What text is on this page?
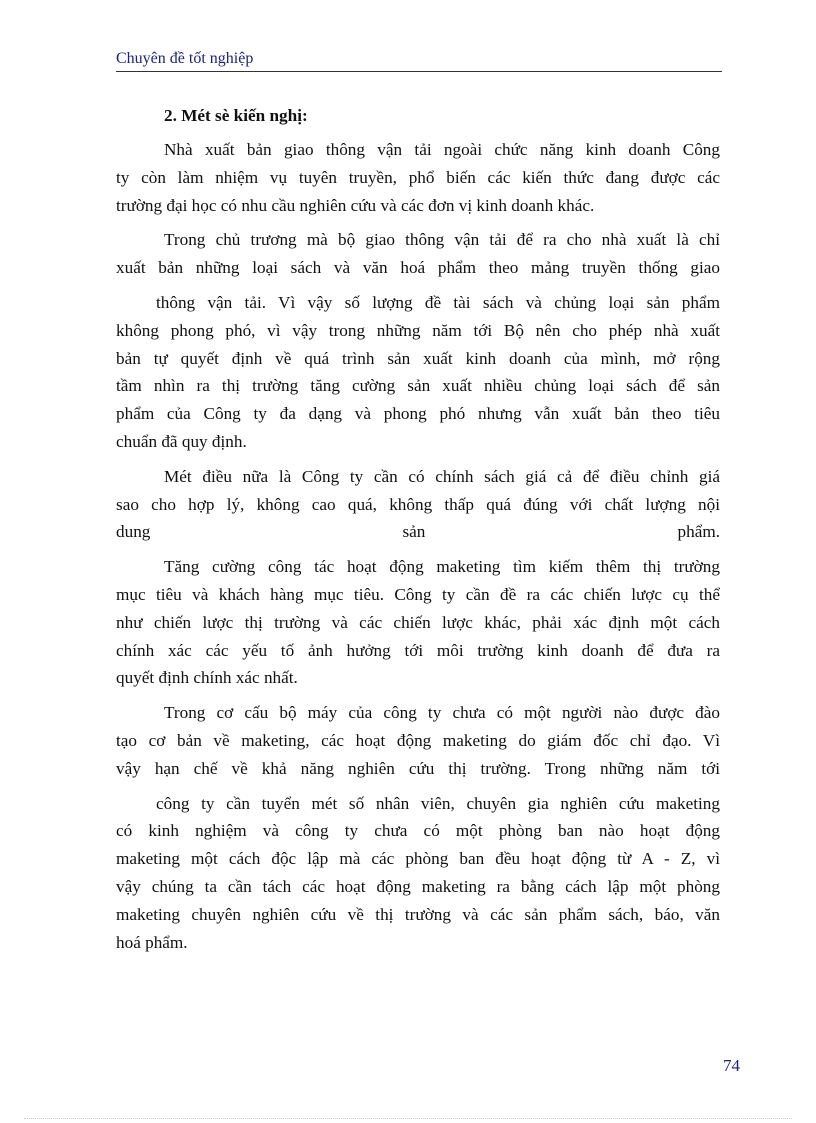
Chuyên đề tốt nghiệp
2. Mét sè kiến nghị:
Nhà xuất bản giao thông vận tải ngoài chức năng kinh doanh Công
ty còn làm nhiệm vụ tuyên truyền, phổ biến các kiến thức đang được các
trường đại học có nhu cầu nghiên cứu và các đơn vị kinh doanh khác.
Trong chủ trương mà bộ giao thông vận tải để ra cho nhà xuất là chỉ
xuất bản những loại sách và văn hoá phẩm theo mảng truyền thống giao
thông vận tải. Vì vậy số lượng đề tài sách và chủng loại sản phẩm
không phong phó, vì vậy trong những năm tới Bộ nên cho phép nhà xuất
bản tự quyết định về quá trình sản xuất kinh doanh của mình, mở rộng
tầm nhìn ra thị trường tăng cường sản xuất nhiều chủng loại sách để sản
phẩm của Công ty đa dạng và phong phó nhưng vẫn xuất bản theo tiêu
chuẩn đã quy định.
Mét điều nữa là Công ty cần có chính sách giá cả để điều chỉnh giá
sao cho hợp lý, không cao quá, không thấp quá đúng với chất lượng nội
dung sản phẩm.
Tăng cường công tác hoạt động maketing tìm kiếm thêm thị trường
mục tiêu và khách hàng mục tiêu. Công ty cần đề ra các chiến lược cụ thể
như chiến lược thị trường và các chiến lược khác, phải xác định một cách
chính xác các yếu tố ảnh hưởng tới môi trường kinh doanh để đưa ra
quyết định chính xác nhất.
Trong cơ cấu bộ máy của công ty chưa có một người nào được đào
tạo cơ bản về maketing, các hoạt động maketing do giám đốc chỉ đạo. Vì
vậy hạn chế về khả năng nghiên cứu thị trường. Trong những năm tới
công ty cần tuyển mét số nhân viên, chuyên gia nghiên cứu maketing
có kinh nghiệm và công ty chưa có một phòng ban nào hoạt động
maketing một cách độc lập mà các phòng ban đều hoạt động từ A - Z, vì
vậy chúng ta cần tách các hoạt động maketing ra bằng cách lập một phòng
maketing chuyên nghiên cứu về thị trường và các sản phẩm sách, báo, văn
hoá phẩm.
74
